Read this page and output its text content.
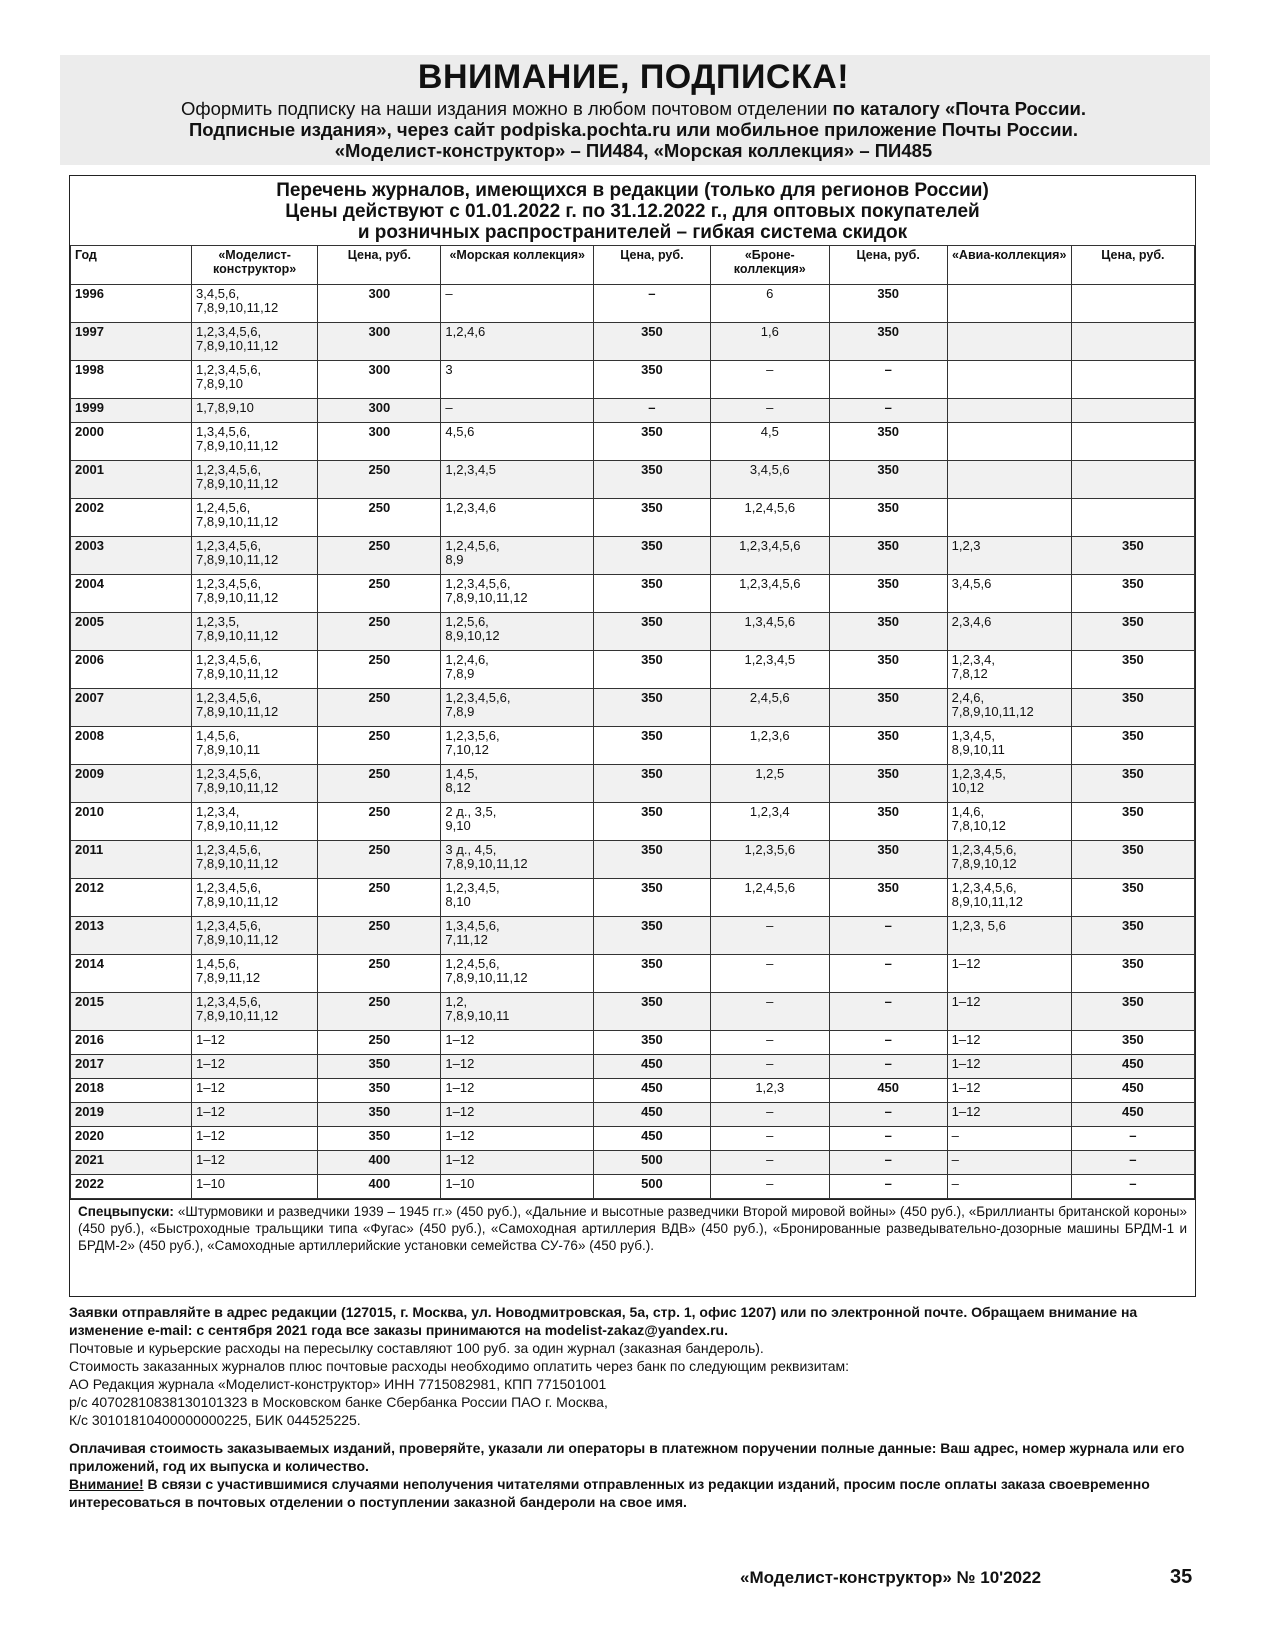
ВНИМАНИЕ, ПОДПИСКА!
Оформить подписку на наши издания можно в любом почтовом отделении по каталогу «Почта России.
Подписные издания», через сайт podpiska.pochta.ru или мобильное приложение Почты России.
«Моделист-конструктор» – ПИ484, «Морская коллекция» – ПИ485
Перечень журналов, имеющихся в редакции (только для регионов России)
Цены действуют с 01.01.2022 г. по 31.12.2022 г., для оптовых покупателей
и розничных распространителей – гибкая система скидок
Год	«Моделист-конструктор»	Цена, руб.	«Морская коллекция»	Цена, руб.	«Броне-коллекция»	Цена, руб.	«Авиа-коллекция»	Цена, руб.
1996	3,4,5,6,
7,8,9,10,11,12	300	–	–	6	350		
1997	1,2,3,4,5,6,
7,8,9,10,11,12	300	1,2,4,6	350	1,6	350		
1998	1,2,3,4,5,6,
7,8,9,10	300	3	350	–	–		
1999	1,7,8,9,10	300	–	–	–	–		
2000	1,3,4,5,6,
7,8,9,10,11,12	300	4,5,6	350	4,5	350		
2001	1,2,3,4,5,6,
7,8,9,10,11,12	250	1,2,3,4,5	350	3,4,5,6	350		
2002	1,2,4,5,6,
7,8,9,10,11,12	250	1,2,3,4,6	350	1,2,4,5,6	350		
2003	1,2,3,4,5,6,
7,8,9,10,11,12	250	1,2,4,5,6,
8,9	350	1,2,3,4,5,6	350	1,2,3	350
2004	1,2,3,4,5,6,
7,8,9,10,11,12	250	1,2,3,4,5,6,
7,8,9,10,11,12	350	1,2,3,4,5,6	350	3,4,5,6	350
2005	1,2,3,5,
7,8,9,10,11,12	250	1,2,5,6,
8,9,10,12	350	1,3,4,5,6	350	2,3,4,6	350
2006	1,2,3,4,5,6,
7,8,9,10,11,12	250	1,2,4,6,
7,8,9	350	1,2,3,4,5	350	1,2,3,4,
7,8,12	350
2007	1,2,3,4,5,6,
7,8,9,10,11,12	250	1,2,3,4,5,6,
7,8,9	350	2,4,5,6	350	2,4,6,
7,8,9,10,11,12	350
2008	1,4,5,6,
7,8,9,10,11	250	1,2,3,5,6,
7,10,12	350	1,2,3,6	350	1,3,4,5,
8,9,10,11	350
2009	1,2,3,4,5,6,
7,8,9,10,11,12	250	1,4,5,
8,12	350	1,2,5	350	1,2,3,4,5,
10,12	350
2010	1,2,3,4,
7,8,9,10,11,12	250	2 д., 3,5,
9,10	350	1,2,3,4	350	1,4,6,
7,8,10,12	350
2011	1,2,3,4,5,6,
7,8,9,10,11,12	250	3 д., 4,5,
7,8,9,10,11,12	350	1,2,3,5,6	350	1,2,3,4,5,6,
7,8,9,10,12	350
2012	1,2,3,4,5,6,
7,8,9,10,11,12	250	1,2,3,4,5,
8,10	350	1,2,4,5,6	350	1,2,3,4,5,6,
8,9,10,11,12	350
2013	1,2,3,4,5,6,
7,8,9,10,11,12	250	1,3,4,5,6,
7,11,12	350	–	–	1,2,3, 5,6	350
2014	1,4,5,6,
7,8,9,11,12	250	1,2,4,5,6,
7,8,9,10,11,12	350	–	–	1–12	350
2015	1,2,3,4,5,6,
7,8,9,10,11,12	250	1,2,
7,8,9,10,11	350	–	–	1–12	350
2016	1–12	250	1–12	350	–	–	1–12	350
2017	1–12	350	1–12	450	–	–	1–12	450
2018	1–12	350	1–12	450	1,2,3	450	1–12	450
2019	1–12	350	1–12	450	–	–	1–12	450
2020	1–12	350	1–12	450	–	–	–	–
2021	1–12	400	1–12	500	–	–	–	–
2022	1–10	400	1–10	500	–	–	–	–
Спецвыпуски: «Штурмовики и разведчики 1939 – 1945 гг.» (450 руб.), «Дальние и высотные разведчики Второй мировой войны» (450 руб.), «Бриллианты британской короны» (450 руб.), «Быстроходные тральщики типа «Фугас» (450 руб.), «Самоходная артиллерия ВДВ» (450 руб.), «Бронированные разведывательно-дозорные машины БРДМ-1 и БРДМ-2» (450 руб.), «Самоходные артиллерийские установки семейства СУ-76» (450 руб.).

Заявки отправляйте в адрес редакции (127015, г. Москва, ул. Новодмитровская, 5а, стр. 1, офис 1207) или по электронной почте. Обращаем внимание на изменение e-mail: с сентября 2021 года все заказы принимаются на modelist-zakaz@yandex.ru.

Почтовые и курьерские расходы на пересылку составляют 100 руб. за один журнал (заказная бандероль).

Стоимость заказанных журналов плюс почтовые расходы необходимо оплатить через банк по следующим реквизитам:

АО Редакция журнала «Моделист-конструктор» ИНН 7715082981, КПП 771501001

р/с 40702810838130101323 в Московском банке Сбербанка России ПАО г. Москва,

К/с 30101810400000000225, БИК 044525225.

Оплачивая стоимость заказываемых изданий, проверяйте, указали ли операторы в платежном поручении полные данные: Ваш адрес, номер журнала или его приложений, год их выпуска и количество.

Внимание! В связи с участившимися случаями неполучения читателями отправленных из редакции изданий, просим после оплаты заказа своевременно интересоваться в почтовых отделении о поступлении заказной бандероли на свое имя.

«Моделист-конструктор» № 10'2022	35
